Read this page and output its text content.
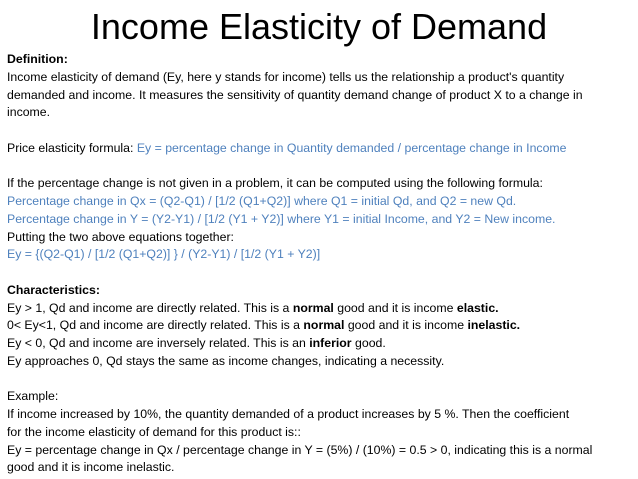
Income Elasticity of Demand
Definition:
Income elasticity of demand (Ey, here y stands for income) tells us the relationship a product's quantity
demanded and income. It measures the sensitivity of quantity demand change of product X to a change in
income.
Price elasticity formula: Ey = percentage change in Quantity demanded / percentage change in Income
If the percentage change is not given in a problem, it can be computed using the following formula:
Percentage change in Qx = (Q2-Q1) / [1/2 (Q1+Q2)] where Q1 = initial Qd, and Q2 = new Qd.
Percentage change in Y = (Y2-Y1) / [1/2 (Y1 + Y2)] where Y1 = initial Income, and Y2 = New income.
Putting the two above equations together:
Ey = {(Q2-Q1) / [1/2 (Q1+Q2)] } / (Y2-Y1) / [1/2 (Y1 + Y2)]
Characteristics:
Ey > 1, Qd and income are directly related. This is a normal good and it is income elastic.
0< Ey<1, Qd and income are directly related. This is a normal good and it is income inelastic.
Ey < 0, Qd and income are inversely related. This is an inferior good.
Ey approaches 0, Qd stays the same as income changes, indicating a necessity.
Example:
If income increased by 10%, the quantity demanded of a product increases by 5 %. Then the coefficient
for the income elasticity of demand for this product is::
Ey = percentage change in Qx / percentage change in Y = (5%) / (10%) = 0.5 > 0, indicating this is a normal
good and it is income inelastic.
